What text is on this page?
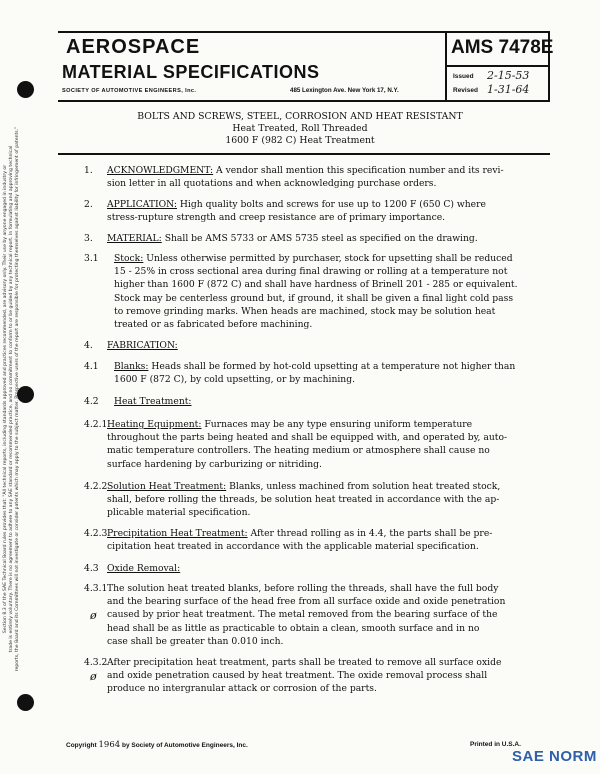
Section 8.3 of the SAE Technical Board rules provides that: "All technical reports, including standards approved and practices recommended, are advisory only. Their use by anyone engaged in industry or trade is entirely voluntary. There is no agreement to adhere to any SAE standard or recommended practice, and no commitment to conform to or be guided by any technical report. In formulating and approving technical reports, the Board and its Committees will not investigate or consider patents which may apply to the subject matter. Prospective users of the report are responsible for protecting themselves against liability for infringement of patents."
AEROSPACE
MATERIAL SPECIFICATIONS
SOCIETY OF AUTOMOTIVE ENGINEERS, Inc.	485 Lexington Ave. New York 17, N.Y.
AMS 7478E
Issued 2-15-53
Revised 1-31-64
BOLTS AND SCREWS, STEEL, CORROSION AND HEAT RESISTANT
Heat Treated, Roll Threaded
1600 F (982 C) Heat Treatment
1. ACKNOWLEDGMENT: A vendor shall mention this specification number and its revi-
sion letter in all quotations and when acknowledging purchase orders.
2. APPLICATION: High quality bolts and screws for use up to 1200 F (650 C) where
stress-rupture strength and creep resistance are of primary importance.
3. MATERIAL: Shall be AMS 5733 or AMS 5735 steel as specified on the drawing.
3.1 Stock: Unless otherwise permitted by purchaser, stock for upsetting shall be reduced
15 - 25% in cross sectional area during final drawing or rolling at a temperature not
higher than 1600 F (872 C) and shall have hardness of Brinell 201 - 285 or equivalent.
Stock may be centerless ground but, if ground, it shall be given a final light cold pass
to remove grinding marks. When heads are machined, stock may be solution heat
treated or as fabricated before machining.
4. FABRICATION:
4.1 Blanks: Heads shall be formed by hot-cold upsetting at a temperature not higher than
1600 F (872 C), by cold upsetting, or by machining.
4.2 Heat Treatment:
4.2.1 Heating Equipment: Furnaces may be any type ensuring uniform temperature
throughout the parts being heated and shall be equipped with, and operated by, auto-
matic temperature controllers. The heating medium or atmosphere shall cause no
surface hardening by carburizing or nitriding.
4.2.2 Solution Heat Treatment: Blanks, unless machined from solution heat treated stock,
shall, before rolling the threads, be solution heat treated in accordance with the ap-
plicable material specification.
4.2.3 Precipitation Heat Treatment: After thread rolling as in 4.4, the parts shall be pre-
cipitation heat treated in accordance with the applicable material specification.
4.3 Oxide Removal:
4.3.1
ø
The solution heat treated blanks, before rolling the threads, shall have the full body
and the bearing surface of the head free from all surface oxide and oxide penetration
caused by prior heat treatment. The metal removed from the bearing surface of the
head shall be as little as practicable to obtain a clean, smooth surface and in no
case shall be greater than 0.010 inch.
4.3.2
ø
After precipitation heat treatment, parts shall be treated to remove all surface oxide
and oxide penetration caused by heat treatment. The oxide removal process shall
produce no intergranular attack or corrosion of the parts.
Copyright 1964 by Society of Automotive Engineers, Inc.	Printed in U.S.A.
SAE NORM
